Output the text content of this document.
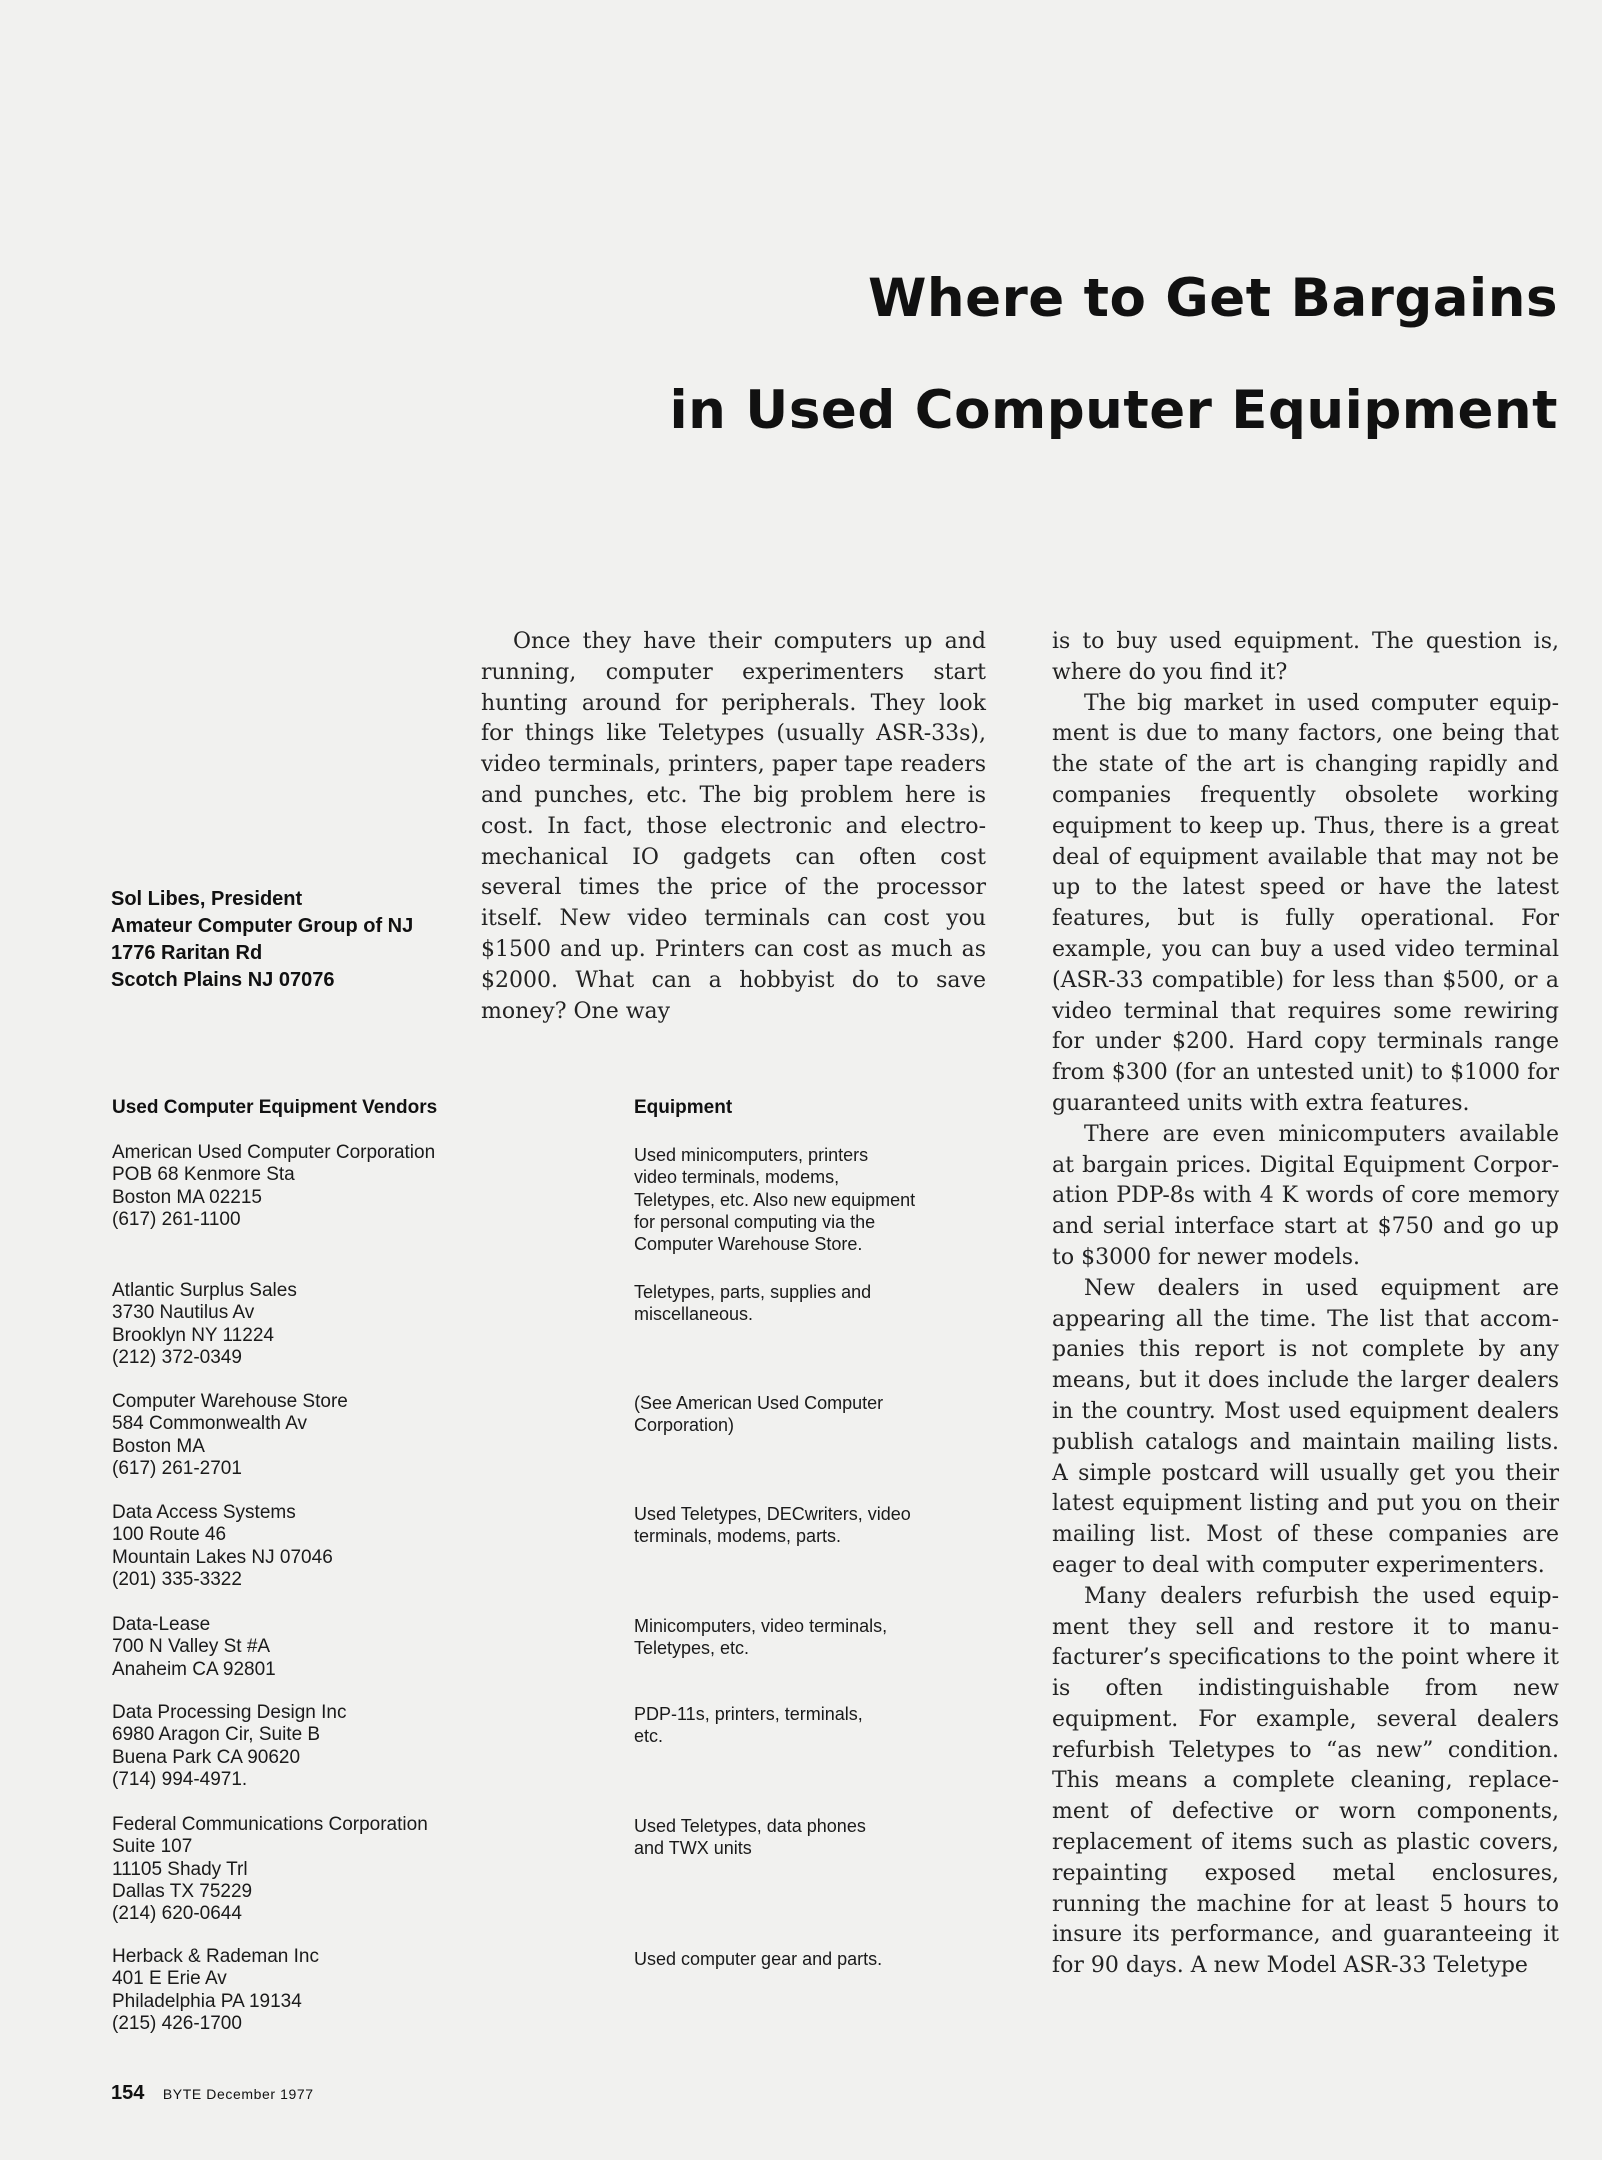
Where to Get Bargains
in Used Computer Equipment
Sol Libes, President
Amateur Computer Group of NJ
1776 Raritan Rd
Scotch Plains NJ 07076

Once they have their computers up and running, computer experimenters start hunting around for peripherals. They look for things like Teletypes (usually ASR-33s), video terminals, printers, paper tape readers and punches, etc. The big problem here is cost. In fact, those electronic and electromechanical IO gadgets can often cost several times the price of the processor itself. New video terminals can cost you $1500 and up. Printers can cost as much as $2000. What can a hobbyist do to save money? One way

is to buy used equipment. The question is, where do you find it?

The big market in used computer equipment is due to many factors, one being that the state of the art is changing rapidly and companies frequently obsolete working equipment to keep up. Thus, there is a great deal of equipment available that may not be up to the latest speed or have the latest features, but is fully operational. For example, you can buy a used video terminal (ASR-33 compatible) for less than $500, or a video terminal that requires some rewiring for under $200. Hard copy terminals range from $300 (for an untested unit) to $1000 for guaranteed units with extra features.

There are even minicomputers available at bargain prices. Digital Equipment Corporation PDP-8s with 4 K words of core memory and serial interface start at $750 and go up to $3000 for newer models.

New dealers in used equipment are appearing all the time. The list that accompanies this report is not complete by any means, but it does include the larger dealers in the country. Most used equipment dealers publish catalogs and maintain mailing lists. A simple postcard will usually get you their latest equipment listing and put you on their mailing list. Most of these companies are eager to deal with computer experimenters.

Many dealers refurbish the used equipment they sell and restore it to manufacturer’s specifications to the point where it is often indistinguishable from new equipment. For example, several dealers refurbish Teletypes to “as new” condition. This means a complete cleaning, replacement of defective or worn components, replacement of items such as plastic covers, repainting exposed metal enclosures, running the machine for at least 5 hours to insure its performance, and guaranteeing it for 90 days. A new Model ASR-33 Teletype

Used Computer Equipment Vendors	Equipment
American Used Computer Corporation
POB 68 Kenmore Sta
Boston MA 02215
(617) 261-1100
Used minicomputers, printers
video terminals, modems,
Teletypes, etc. Also new equipment
for personal computing via the
Computer Warehouse Store.
Atlantic Surplus Sales
3730 Nautilus Av
Brooklyn NY 11224
(212) 372-0349
Teletypes, parts, supplies and
miscellaneous.
Computer Warehouse Store
584 Commonwealth Av
Boston MA
(617) 261-2701
(See American Used Computer
Corporation)
Data Access Systems
100 Route 46
Mountain Lakes NJ 07046
(201) 335-3322
Used Teletypes, DECwriters, video
terminals, modems, parts.
Data-Lease
700 N Valley St #A
Anaheim CA 92801
Minicomputers, video terminals,
Teletypes, etc.
Data Processing Design Inc
6980 Aragon Cir, Suite B
Buena Park CA 90620
(714) 994-4971.
PDP-11s, printers, terminals,
etc.
Federal Communications Corporation
Suite 107
11105 Shady Trl
Dallas TX 75229
(214) 620-0644
Used Teletypes, data phones
and TWX units
Herback & Rademan Inc
401 E Erie Av
Philadelphia PA 19134
(215) 426-1700
Used computer gear and parts.
154 BYTE December 1977
